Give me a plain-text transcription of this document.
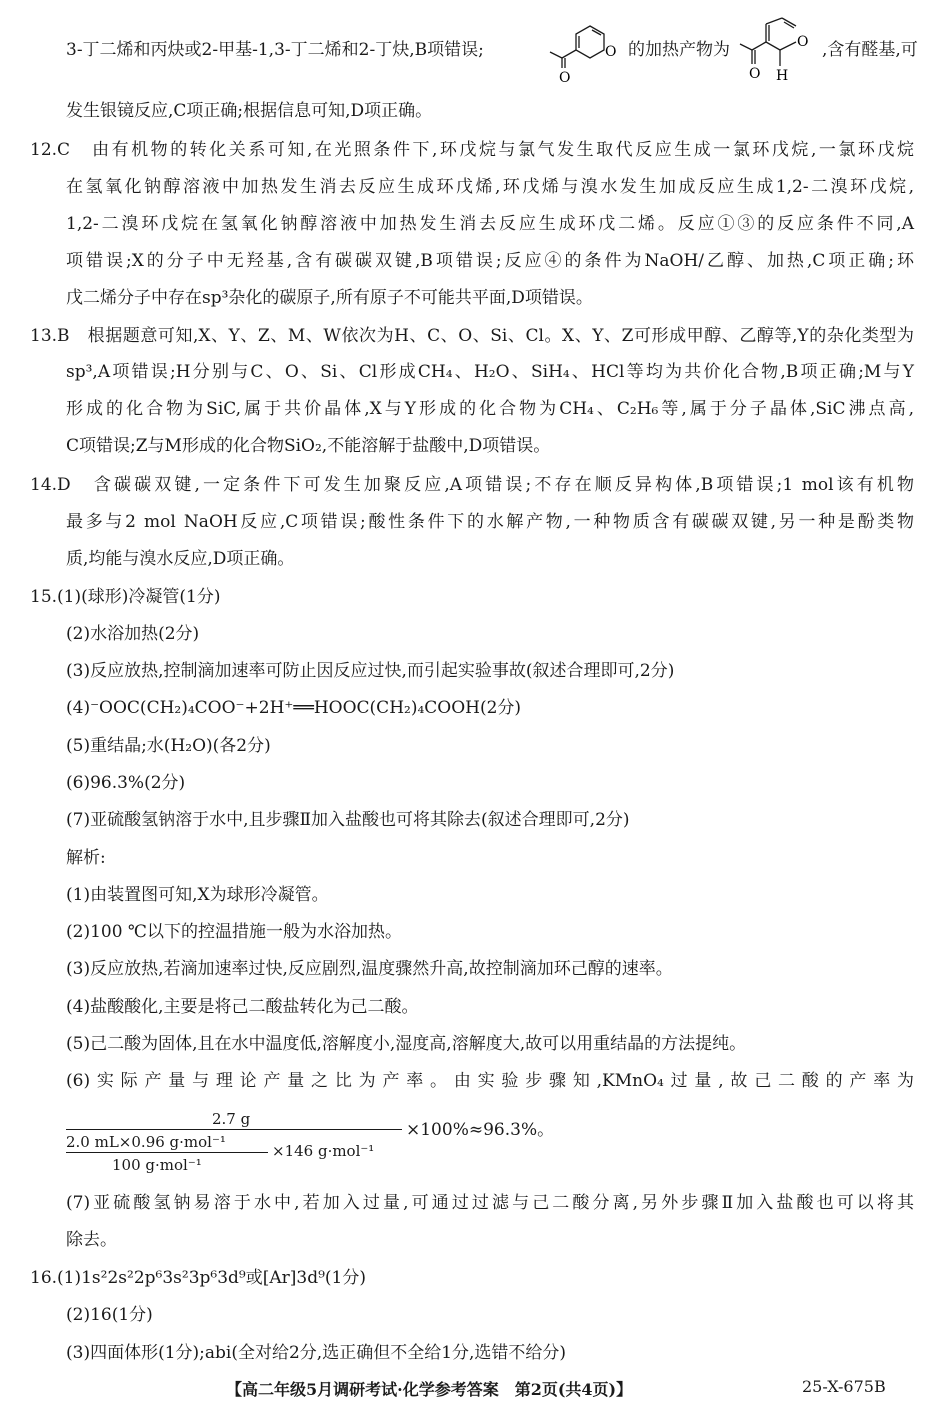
3-丁二烯和丙炔或2-甲基-1,3-丁二烯和2-丁炔,B项错误;	O
O
的加热产物为	O
O H
,含有醛基,可
发生银镜反应,C项正确;根据信息可知,D项正确。
12.C　由有机物的转化关系可知,在光照条件下,环戊烷与氯气发生取代反应生成一氯环戊烷,一氯环戊烷
在氢氧化钠醇溶液中加热发生消去反应生成环戊烯,环戊烯与溴水发生加成反应生成1,2-二溴环戊烷,
1,2-二溴环戊烷在氢氧化钠醇溶液中加热发生消去反应生成环戊二烯。反应①③的反应条件不同,A
项错误;X的分子中无羟基,含有碳碳双键,B项错误;反应④的条件为NaOH/乙醇、加热,C项正确;环
戊二烯分子中存在sp³杂化的碳原子,所有原子不可能共平面,D项错误。
13.B　根据题意可知,X、Y、Z、M、W依次为H、C、O、Si、Cl。X、Y、Z可形成甲醇、乙醇等,Y的杂化类型为
sp³,A项错误;H分别与C、O、Si、Cl形成CH₄、H₂O、SiH₄、HCl等均为共价化合物,B项正确;M与Y
形成的化合物为SiC,属于共价晶体,X与Y形成的化合物为CH₄、C₂H₆等,属于分子晶体,SiC沸点高,
C项错误;Z与M形成的化合物SiO₂,不能溶解于盐酸中,D项错误。
14.D　含碳碳双键,一定条件下可发生加聚反应,A项错误;不存在顺反异构体,B项错误;1 mol该有机物
最多与2 mol NaOH反应,C项错误;酸性条件下的水解产物,一种物质含有碳碳双键,另一种是酚类物
质,均能与溴水反应,D项正确。
15.(1)(球形)冷凝管(1分)
(2)水浴加热(2分)
(3)反应放热,控制滴加速率可防止因反应过快,而引起实验事故(叙述合理即可,2分)
(4)⁻OOC(CH₂)₄COO⁻+2H⁺══HOOC(CH₂)₄COOH(2分)
(5)重结晶;水(H₂O)(各2分)
(6)96.3%(2分)
(7)亚硫酸氢钠溶于水中,且步骤Ⅱ加入盐酸也可将其除去(叙述合理即可,2分)
解析:
(1)由装置图可知,X为球形冷凝管。
(2)100 ℃以下的控温措施一般为水浴加热。
(3)反应放热,若滴加速率过快,反应剧烈,温度骤然升高,故控制滴加环己醇的速率。
(4)盐酸酸化,主要是将己二酸盐转化为己二酸。
(5)己二酸为固体,且在水中温度低,溶解度小,湿度高,溶解度大,故可以用重结晶的方法提纯。
(6)实际产量与理论产量之比为产率。由实验步骤知,KMnO₄过量,故己二酸的产率为
2.7 g
2.0 mL×0.96 g·mol⁻¹	×146 g·mol⁻¹
100 g·mol⁻¹
×100%≈96.3%。
(7)亚硫酸氢钠易溶于水中,若加入过量,可通过过滤与己二酸分离,另外步骤Ⅱ加入盐酸也可以将其
除去。
16.(1)1s²2s²2p⁶3s²3p⁶3d⁹或[Ar]3d⁹(1分)
(2)16(1分)
(3)四面体形(1分);abi(全对给2分,选正确但不全给1分,选错不给分)
【高二年级5月调研考试·化学参考答案　第2页(共4页)】	25-X-675B
